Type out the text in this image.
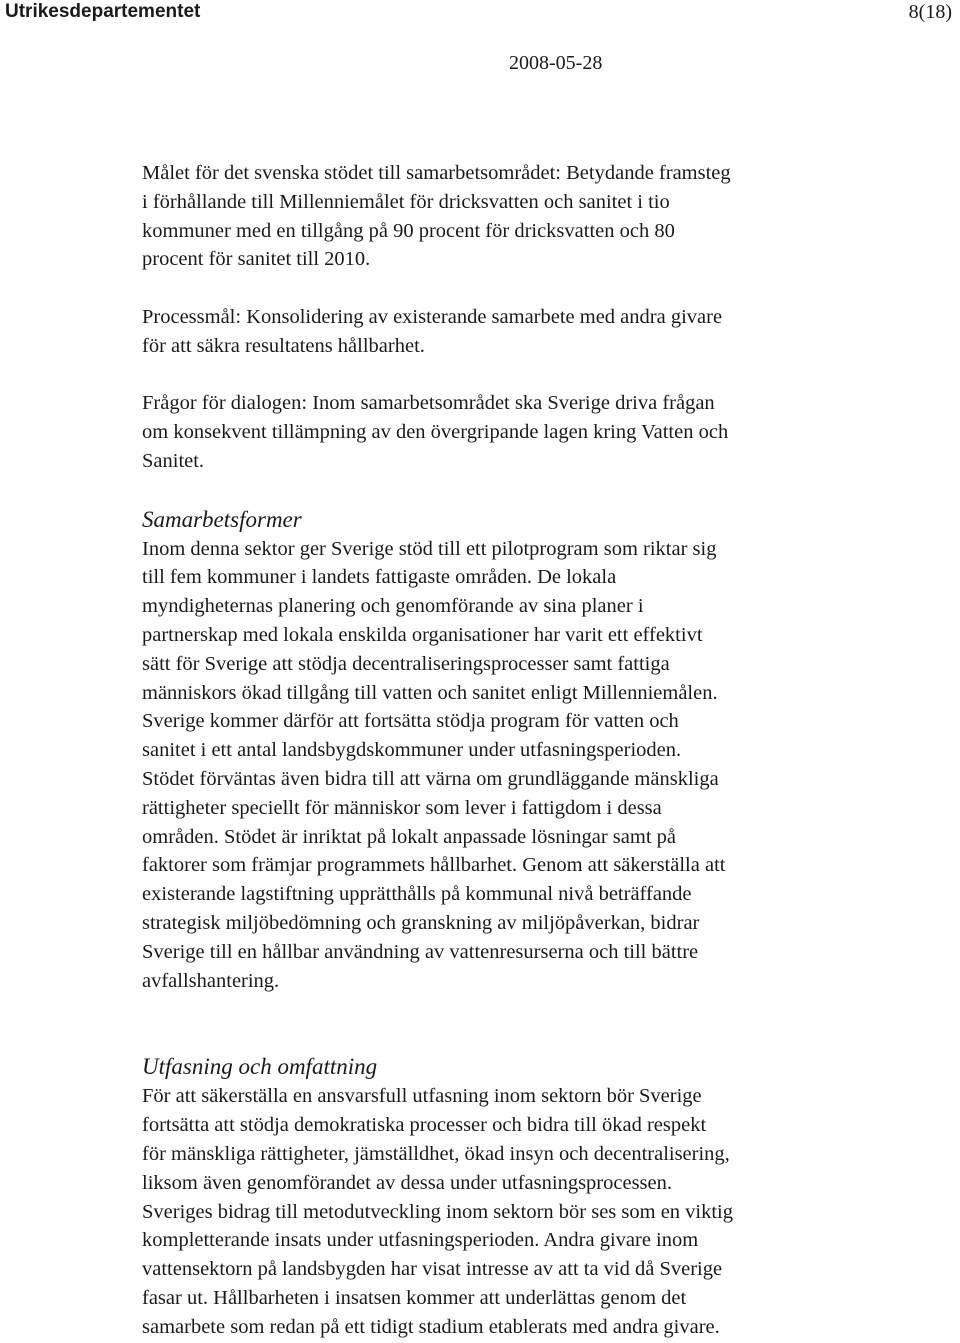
Utrikesdepartementet	8(18)
2008-05-28

Målet för det svenska stödet till samarbetsområdet: Betydande framsteg
i förhållande till Millenniemålet för dricksvatten och sanitet i tio
kommuner med en tillgång på 90 procent för dricksvatten och 80
procent för sanitet till 2010.

Processmål: Konsolidering av existerande samarbete med andra givare
för att säkra resultatens hållbarhet.

Frågor för dialogen: Inom samarbetsområdet ska Sverige driva frågan
om konsekvent tillämpning av den övergripande lagen kring Vatten och
Sanitet.

Samarbetsformer

Inom denna sektor ger Sverige stöd till ett pilotprogram som riktar sig
till fem kommuner i landets fattigaste områden. De lokala
myndigheternas planering och genomförande av sina planer i
partnerskap med lokala enskilda organisationer har varit ett effektivt
sätt för Sverige att stödja decentraliseringsprocesser samt fattiga
människors ökad tillgång till vatten och sanitet enligt Millenniemålen.
Sverige kommer därför att fortsätta stödja program för vatten och
sanitet i ett antal landsbygdskommuner under utfasningsperioden.
Stödet förväntas även bidra till att värna om grundläggande mänskliga
rättigheter speciellt för människor som lever i fattigdom i dessa
områden. Stödet är inriktat på lokalt anpassade lösningar samt på
faktorer som främjar programmets hållbarhet. Genom att säkerställa att
existerande lagstiftning upprätthålls på kommunal nivå beträffande
strategisk miljöbedömning och granskning av miljöpåverkan, bidrar
Sverige till en hållbar användning av vattenresurserna och till bättre
avfallshantering.

Utfasning och omfattning

För att säkerställa en ansvarsfull utfasning inom sektorn bör Sverige
fortsätta att stödja demokratiska processer och bidra till ökad respekt
för mänskliga rättigheter, jämställdhet, ökad insyn och decentralisering,
liksom även genomförandet av dessa under utfasningsprocessen.
Sveriges bidrag till metodutveckling inom sektorn bör ses som en viktig
kompletterande insats under utfasningsperioden. Andra givare inom
vattensektorn på landsbygden har visat intresse av att ta vid då Sverige
fasar ut. Hållbarheten i insatsen kommer att underlättas genom det
samarbete som redan på ett tidigt stadium etablerats med andra givare.
